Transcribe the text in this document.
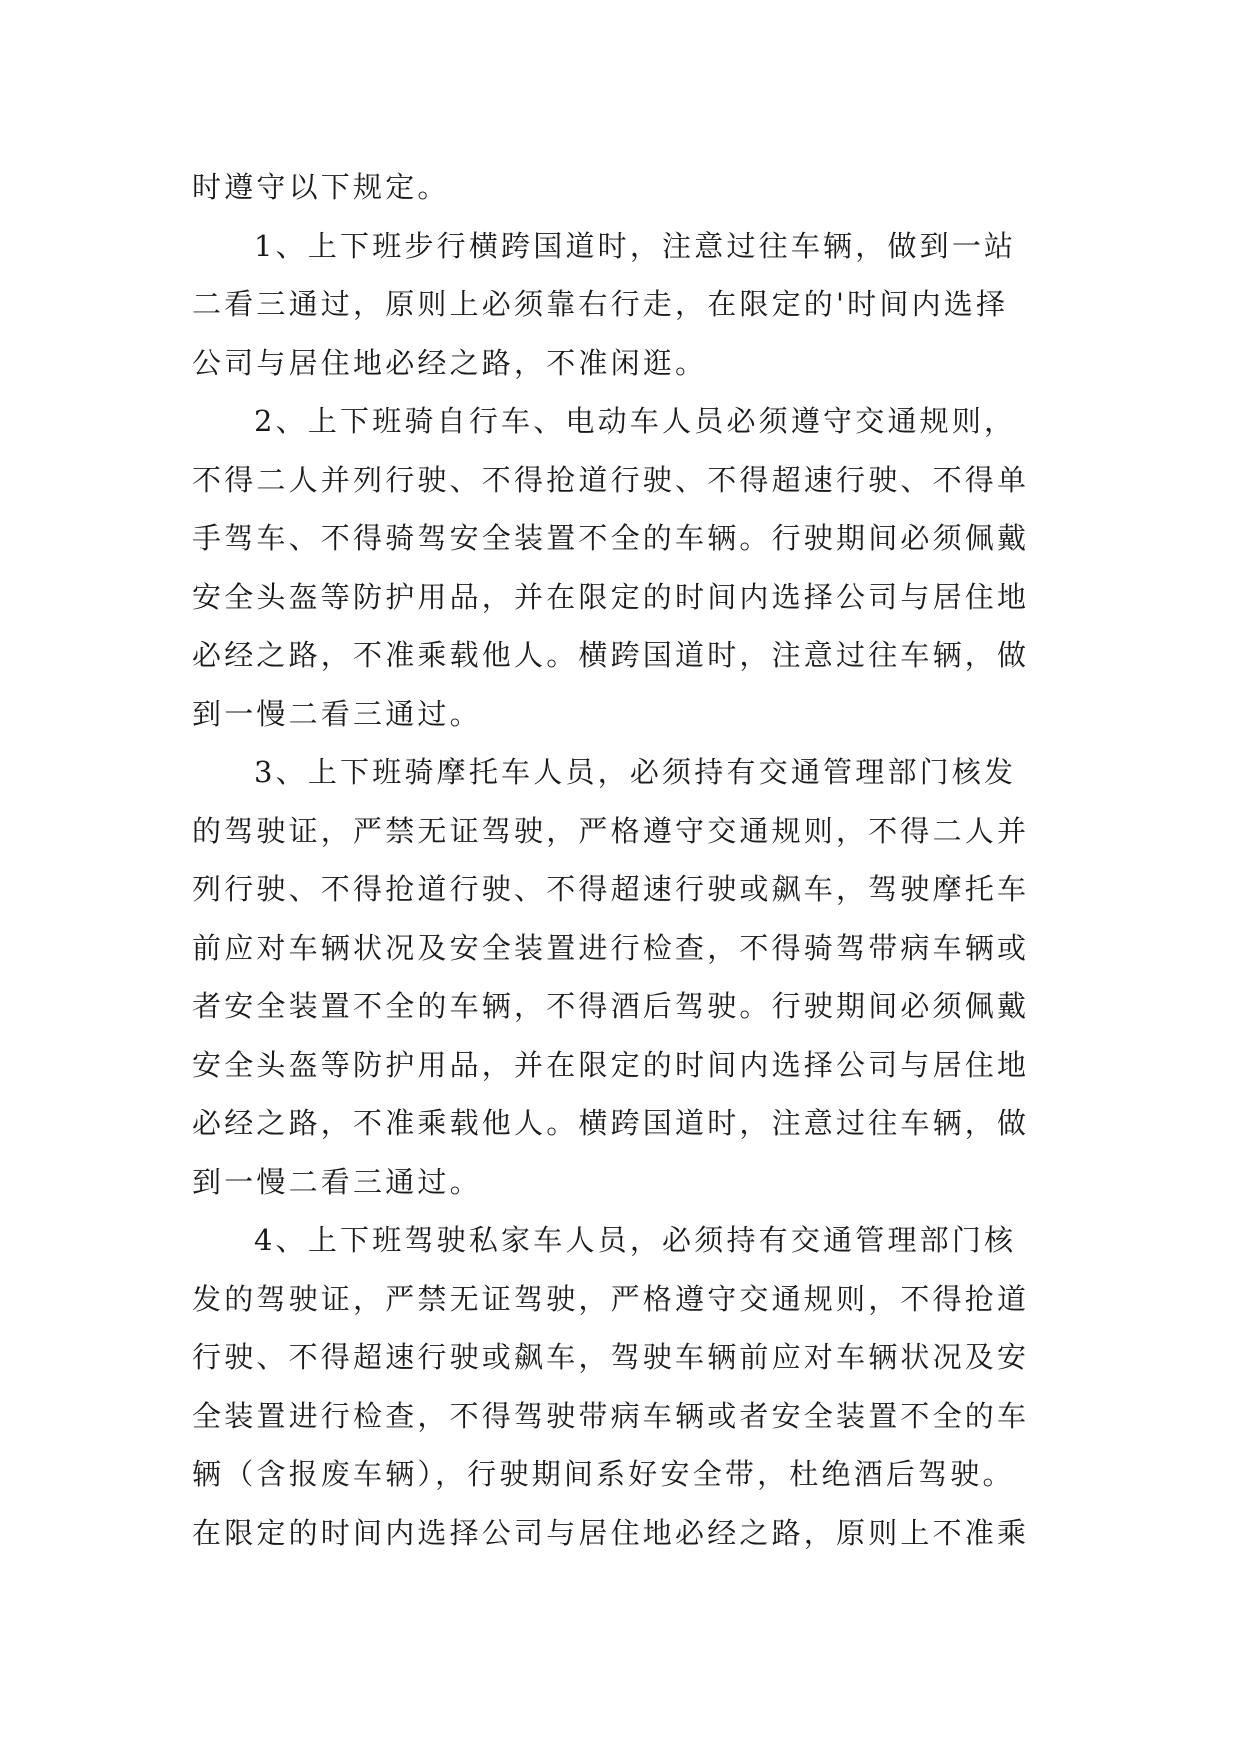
时遵守以下规定。
1、上下班步行横跨国道时，注意过往车辆，做到一站
二看三通过，原则上必须靠右行走，在限定的'时间内选择
公司与居住地必经之路，不准闲逛。
2、上下班骑自行车、电动车人员必须遵守交通规则，
不得二人并列行驶、不得抢道行驶、不得超速行驶、不得单
手驾车、不得骑驾安全装置不全的车辆。行驶期间必须佩戴
安全头盔等防护用品，并在限定的时间内选择公司与居住地
必经之路，不准乘载他人。横跨国道时，注意过往车辆，做
到一慢二看三通过。
3、上下班骑摩托车人员，必须持有交通管理部门核发
的驾驶证，严禁无证驾驶，严格遵守交通规则，不得二人并
列行驶、不得抢道行驶、不得超速行驶或飙车，驾驶摩托车
前应对车辆状况及安全装置进行检查，不得骑驾带病车辆或
者安全装置不全的车辆，不得酒后驾驶。行驶期间必须佩戴
安全头盔等防护用品，并在限定的时间内选择公司与居住地
必经之路，不准乘载他人。横跨国道时，注意过往车辆，做
到一慢二看三通过。
4、上下班驾驶私家车人员，必须持有交通管理部门核
发的驾驶证，严禁无证驾驶，严格遵守交通规则，不得抢道
行驶、不得超速行驶或飙车，驾驶车辆前应对车辆状况及安
全装置进行检查，不得驾驶带病车辆或者安全装置不全的车
辆（含报废车辆），行驶期间系好安全带，杜绝酒后驾驶。
在限定的时间内选择公司与居住地必经之路，原则上不准乘
